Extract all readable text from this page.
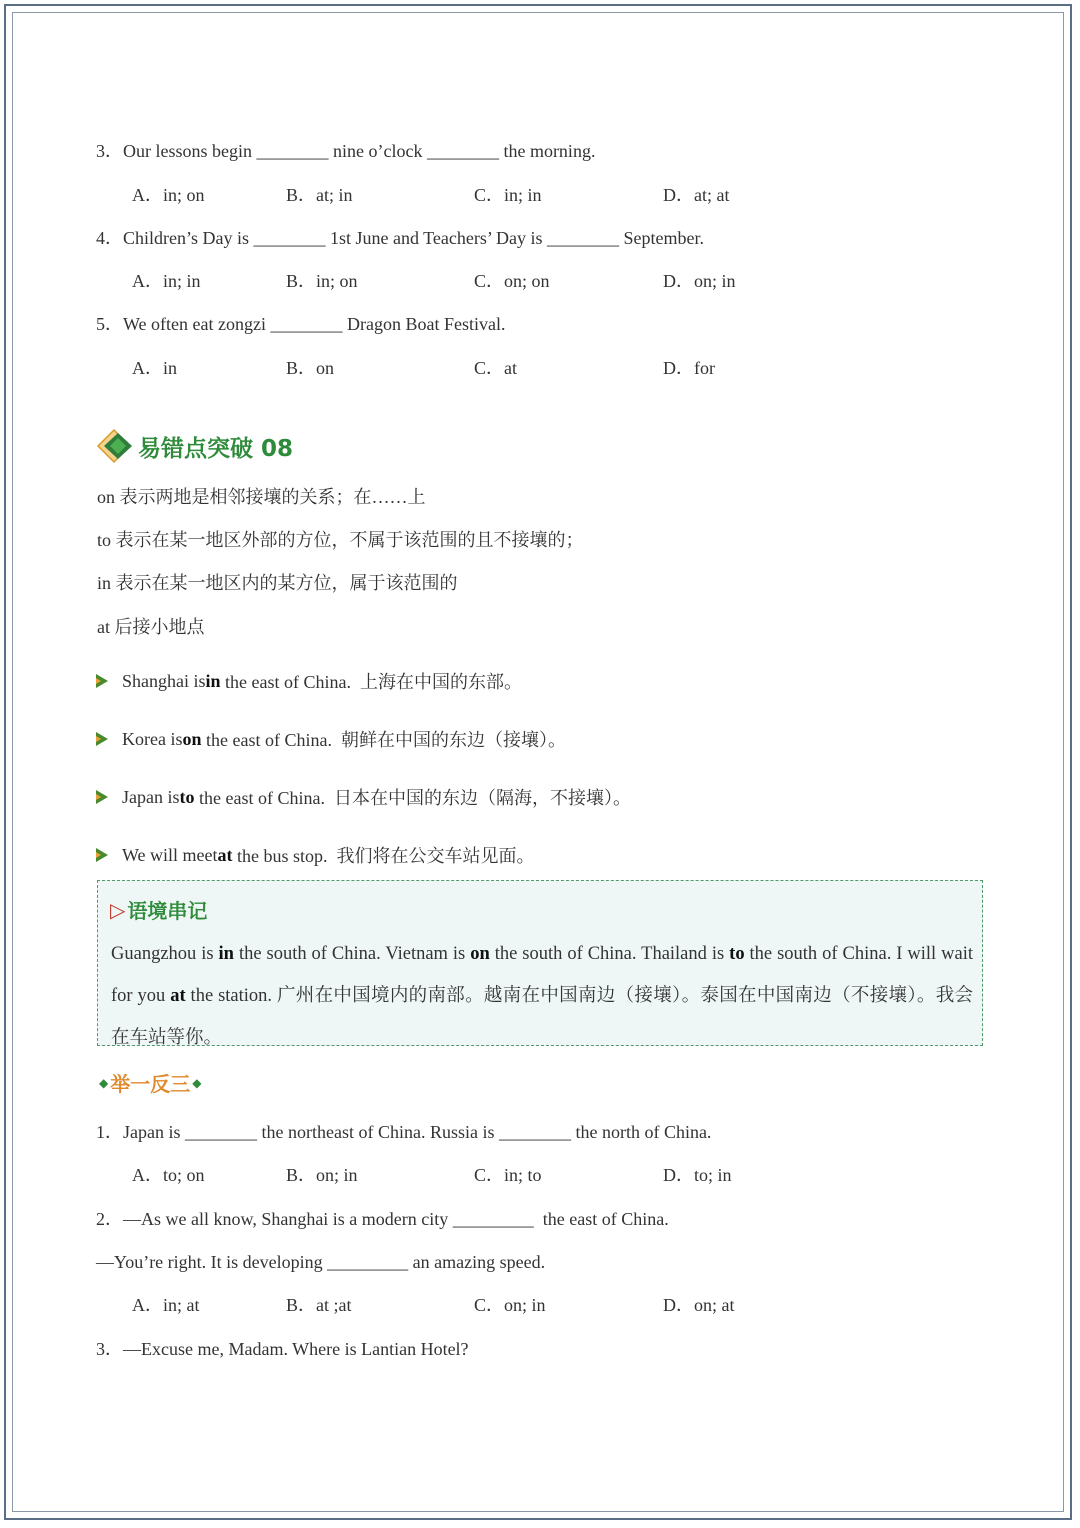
3．Our lessons begin ________ nine o’clock ________ the morning.
A．in; on	B．at; in	C．in; in	D．at; at
4．Children’s Day is ________ 1st June and Teachers’ Day is ________ September.
A．in; in	B．in; on	C．on; on	D．on; in
5．We often eat zongzi ________ Dragon Boat Festival.
A．in	B．on	C．at	D．for
易错点突破 08
on 表示两地是相邻接壤的关系；在……上
to 表示在某一地区外部的方位，不属于该范围的且不接壤的；
in 表示在某一地区内的某方位，属于该范围的
at 后接小地点
Shanghai is in the east of China.  上海在中国的东部。
Korea is on the east of China.  朝鲜在中国的东边（接壤）。
Japan is to the east of China.  日本在中国的东边（隔海，不接壤）。
We will meet at the bus stop.  我们将在公交车站见面。
▷ 语境串记
Guangzhou is in the south of China. Vietnam is on the south of China. Thailand is to the south of China. I will wait for you at the station. 广州在中国境内的南部。越南在中国南边（接壤）。泰国在中国南边（不接壤）。我会在车站等你。
◆ 举一反三 ◆
1．Japan is ________ the northeast of China. Russia is ________ the north of China.
A．to; on	B．on; in	C．in; to	D．to; in
2．—As we all know, Shanghai is a modern city _________  the east of China.
—You’re right. It is developing _________ an amazing speed.
A．in; at	B．at ;at	C．on; in	D．on; at
3．—Excuse me, Madam. Where is Lantian Hotel?
